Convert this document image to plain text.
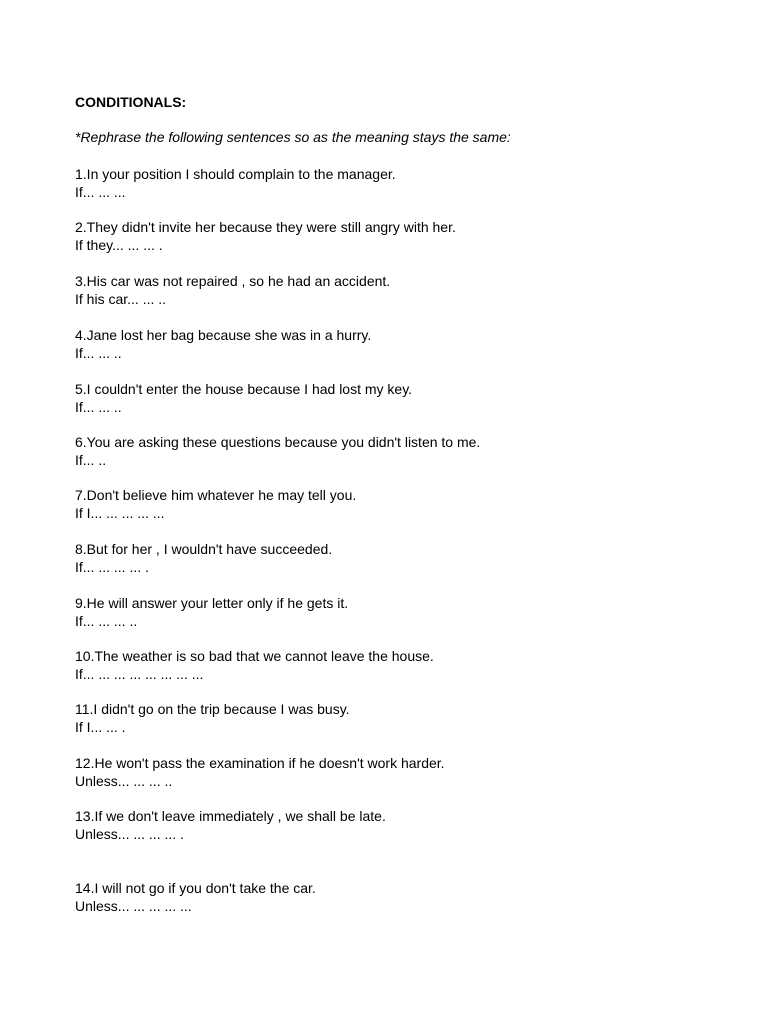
CONDITIONALS:
*Rephrase the following sentences so as the meaning stays the same:
1.In your position I should complain to the manager.
If... ... ...
2.They didn't invite her because they were still angry with her.
If they... ... ... .
3.His car was not repaired , so he had an accident.
If his car... ... ..
4.Jane lost her bag because she was in a hurry.
If... ... ..
5.I couldn't enter the house because I had lost my key.
If... ... ..
6.You are asking these questions because you didn't listen to me.
If... ..
7.Don't believe him whatever he may tell you.
If I... ... ... ... ...
8.But for her , I wouldn't have succeeded.
If... ... ... ... .
9.He will answer your letter only if he gets it.
If... ... ... ..
10.The weather is so bad that we cannot leave the house.
If... ... ... ... ... ... ... ...
11.I didn't go on the trip because I was busy.
If I... ... .
12.He won't pass the examination if he doesn't work harder.
Unless... ... ... ..
13.If we don't leave immediately , we shall be late.
Unless... ... ... ... .
14.I will not go if you don't take the car.
Unless... ... ... ... ...
